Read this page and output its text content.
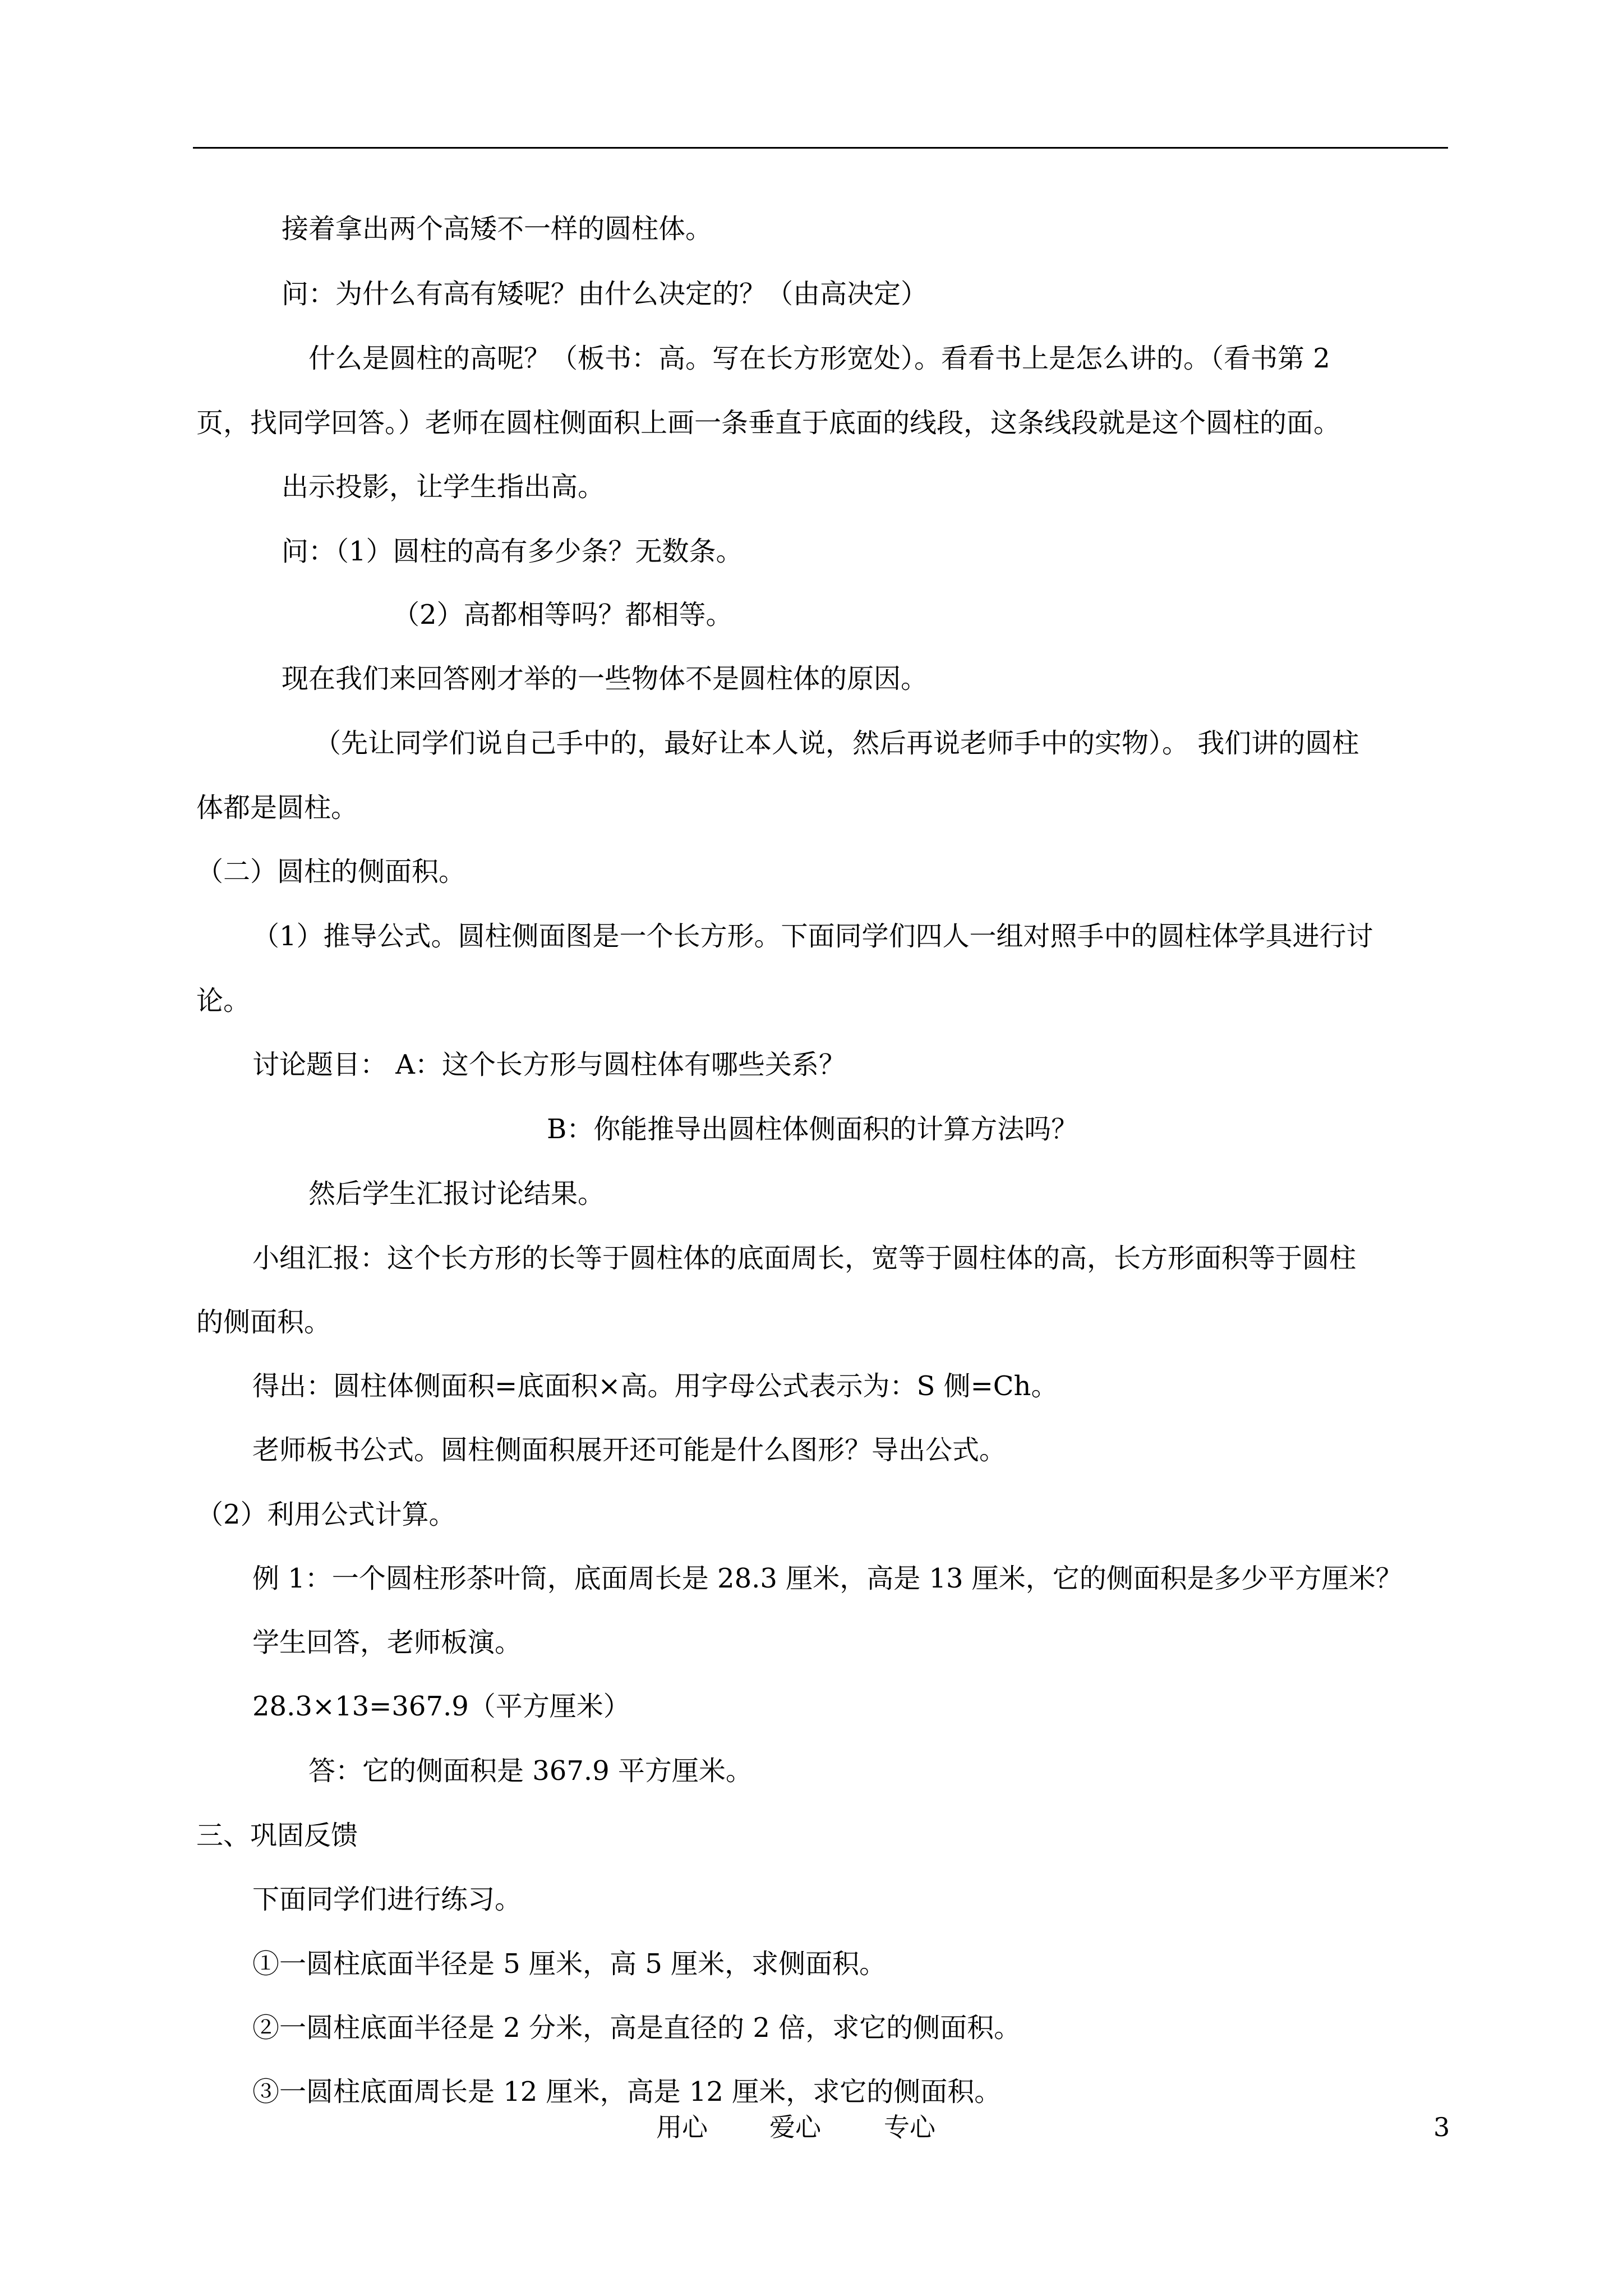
接着拿出两个高矮不一样的圆柱体。
问：为什么有高有矮呢？由什么决定的？（由高决定）
什么是圆柱的高呢？（板书：高。写在长方形宽处）。看看书上是怎么讲的。（看书第 2
页，找同学回答。）老师在圆柱侧面积上画一条垂直于底面的线段，这条线段就是这个圆柱的面。
出示投影，让学生指出高。
问：（1）圆柱的高有多少条？无数条。
（2）高都相等吗？都相等。
现在我们来回答刚才举的一些物体不是圆柱体的原因。
（先让同学们说自己手中的，最好让本人说，然后再说老师手中的实物）。 我们讲的圆柱
体都是圆柱。
（二）圆柱的侧面积。
（1）推导公式。圆柱侧面图是一个长方形。下面同学们四人一组对照手中的圆柱体学具进行讨
论。
讨论题目： A：这个长方形与圆柱体有哪些关系？
B：你能推导出圆柱体侧面积的计算方法吗？
然后学生汇报讨论结果。
小组汇报：这个长方形的长等于圆柱体的底面周长，宽等于圆柱体的高，长方形面积等于圆柱
的侧面积。
得出：圆柱体侧面积=底面积×高。用字母公式表示为：S 侧=Ch。
老师板书公式。圆柱侧面积展开还可能是什么图形？导出公式。
（2）利用公式计算。
例 1：一个圆柱形茶叶筒，底面周长是 28.3 厘米，高是 13 厘米，它的侧面积是多少平方厘米？
学生回答，老师板演。
28.3×13=367.9（平方厘米）
答：它的侧面积是 367.9 平方厘米。
三、巩固反馈
下面同学们进行练习。
①一圆柱底面半径是 5 厘米，高 5 厘米，求侧面积。
②一圆柱底面半径是 2 分米，高是直径的 2 倍，求它的侧面积。
③一圆柱底面周长是 12 厘米，高是 12 厘米，求它的侧面积。
用心 爱心 专心	3
